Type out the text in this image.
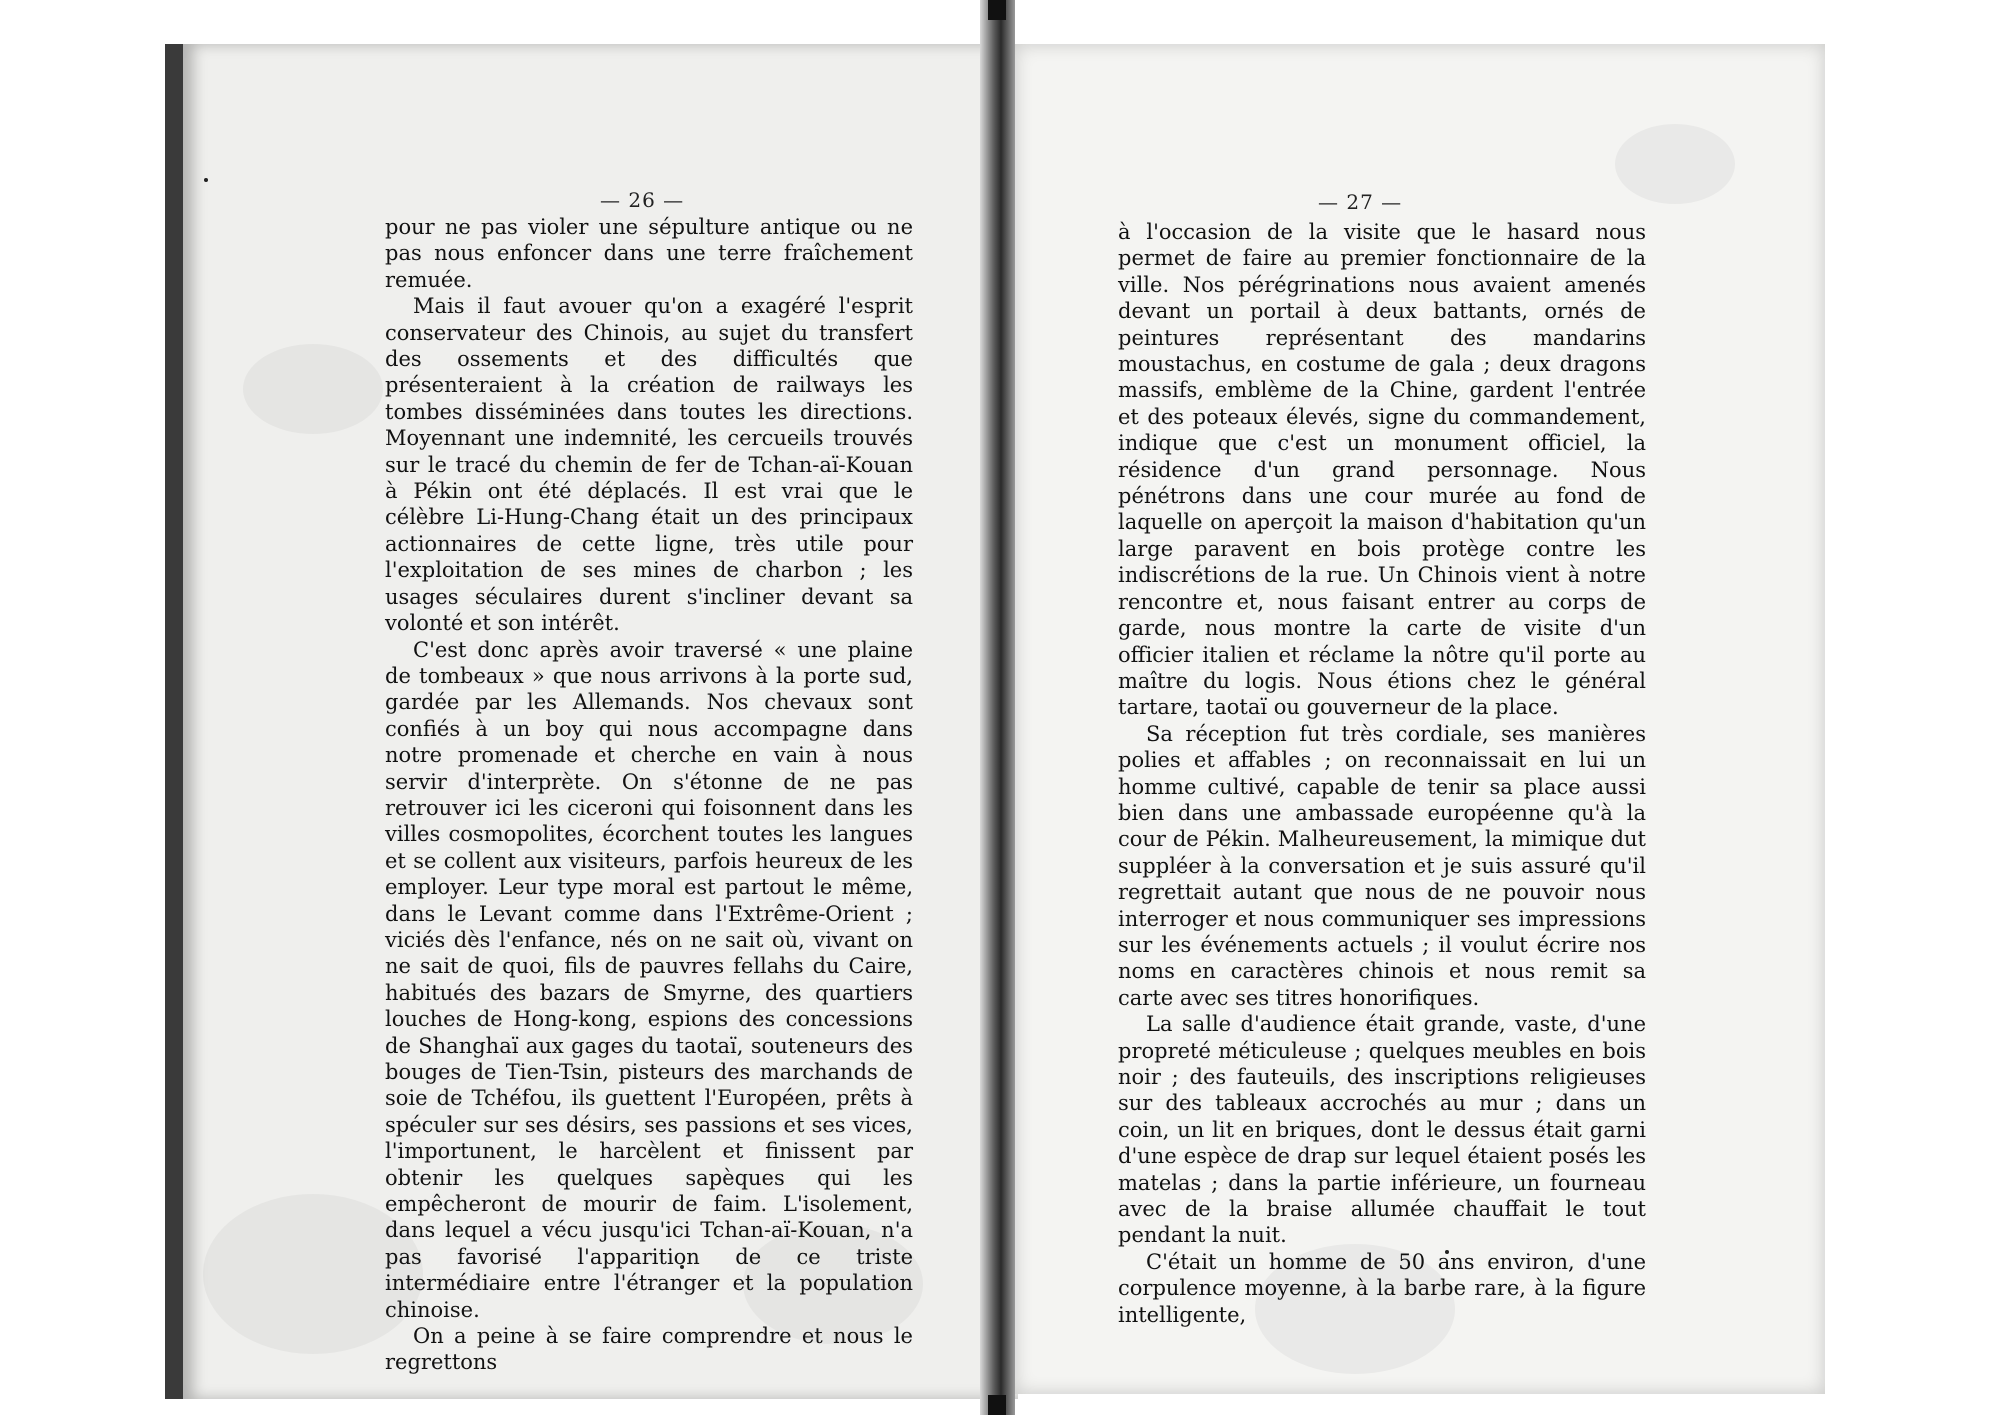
— 26 —	— 27 —

pour ne pas violer une sépulture antique ou ne pas nous enfoncer dans une terre fraîchement remuée.

Mais il faut avouer qu'on a exagéré l'esprit conservateur des Chinois, au sujet du transfert des ossements et des difficultés que présenteraient à la création de railways les tombes disséminées dans toutes les directions. Moyennant une indemnité, les cercueils trouvés sur le tracé du chemin de fer de Tchan-aï-Kouan à Pékin ont été déplacés. Il est vrai que le célèbre Li-Hung-Chang était un des principaux actionnaires de cette ligne, très utile pour l'exploitation de ses mines de charbon ; les usages séculaires durent s'incliner devant sa volonté et son intérêt.

C'est donc après avoir traversé « une plaine de tombeaux » que nous arrivons à la porte sud, gardée par les Allemands. Nos chevaux sont confiés à un boy qui nous accompagne dans notre promenade et cherche en vain à nous servir d'interprète. On s'étonne de ne pas retrouver ici les ciceroni qui foisonnent dans les villes cosmopolites, écorchent toutes les langues et se collent aux visiteurs, parfois heureux de les employer. Leur type moral est partout le même, dans le Levant comme dans l'Extrême-Orient ; viciés dès l'enfance, nés on ne sait où, vivant on ne sait de quoi, fils de pauvres fellahs du Caire, habitués des bazars de Smyrne, des quartiers louches de Hong-kong, espions des concessions de Shanghaï aux gages du taotaï, souteneurs des bouges de Tien-Tsin, pisteurs des marchands de soie de Tchéfou, ils guettent l'Européen, prêts à spéculer sur ses désirs, ses passions et ses vices, l'importunent, le harcèlent et finissent par obtenir les quelques sapèques qui les empêcheront de mourir de faim. L'isolement, dans lequel a vécu jusqu'ici Tchan-aï-Kouan, n'a pas favorisé l'apparition de ce triste intermédiaire entre l'étranger et la population chinoise.

On a peine à se faire comprendre et nous le regrettons

à l'occasion de la visite que le hasard nous permet de faire au premier fonctionnaire de la ville. Nos pérégrinations nous avaient amenés devant un portail à deux battants, ornés de peintures représentant des mandarins moustachus, en costume de gala ; deux dragons massifs, emblème de la Chine, gardent l'entrée et des poteaux élevés, signe du commandement, indique que c'est un monument officiel, la résidence d'un grand personnage. Nous pénétrons dans une cour murée au fond de laquelle on aperçoit la maison d'habitation qu'un large paravent en bois protège contre les indiscrétions de la rue. Un Chinois vient à notre rencontre et, nous faisant entrer au corps de garde, nous montre la carte de visite d'un officier italien et réclame la nôtre qu'il porte au maître du logis. Nous étions chez le général tartare, taotaï ou gouverneur de la place.

Sa réception fut très cordiale, ses manières polies et affables ; on reconnaissait en lui un homme cultivé, capable de tenir sa place aussi bien dans une ambassade européenne qu'à la cour de Pékin. Malheureusement, la mimique dut suppléer à la conversation et je suis assuré qu'il regrettait autant que nous de ne pouvoir nous interroger et nous communiquer ses impressions sur les événements actuels ; il voulut écrire nos noms en caractères chinois et nous remit sa carte avec ses titres honorifiques.

La salle d'audience était grande, vaste, d'une propreté méticuleuse ; quelques meubles en bois noir ; des fauteuils, des inscriptions religieuses sur des tableaux accrochés au mur ; dans un coin, un lit en briques, dont le dessus était garni d'une espèce de drap sur lequel étaient posés les matelas ; dans la partie inférieure, un fourneau avec de la braise allumée chauffait le tout pendant la nuit.

C'était un homme de 50 ans environ, d'une corpulence moyenne, à la barbe rare, à la figure intelligente,
